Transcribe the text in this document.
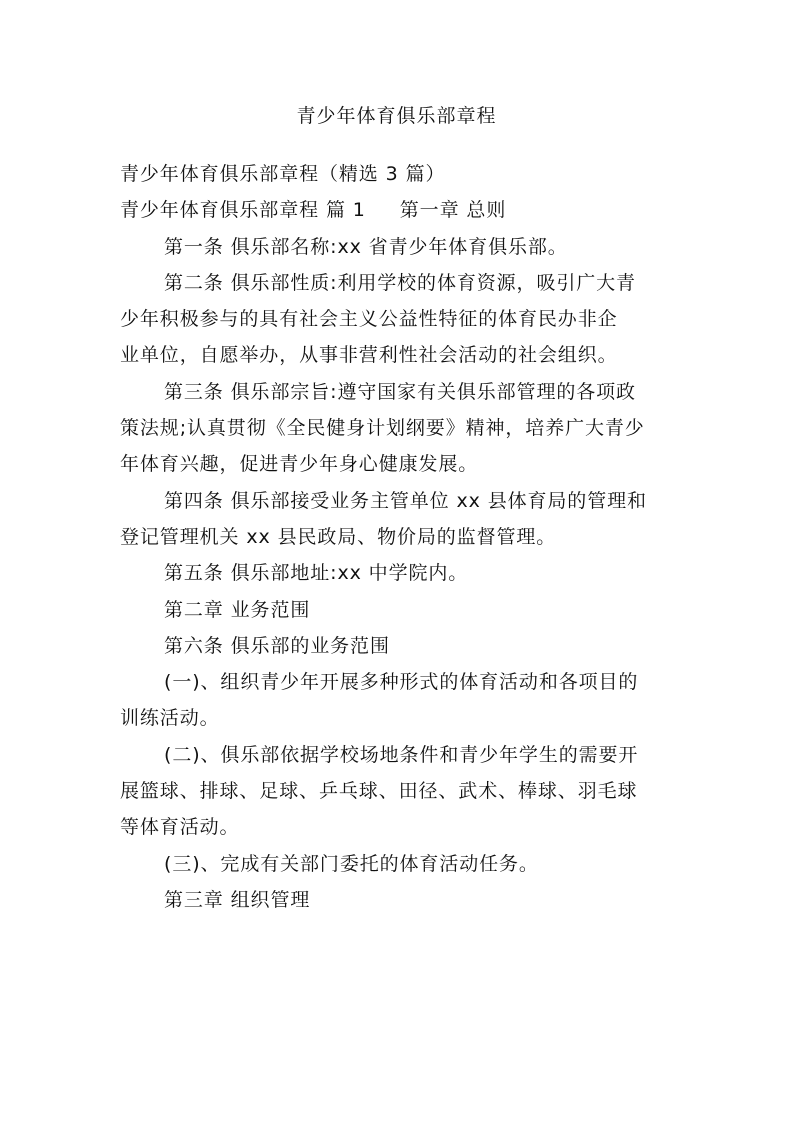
青少年体育俱乐部章程

青少年体育俱乐部章程（精选 3 篇）

青少年体育俱乐部章程 篇 1 第一章 总则

第一条 俱乐部名称:xx 省青少年体育俱乐部。

第二条 俱乐部性质:利用学校的体育资源，吸引广大青

少年积极参与的具有社会主义公益性特征的体育民办非企

业单位，自愿举办，从事非营利性社会活动的社会组织。

第三条 俱乐部宗旨:遵守国家有关俱乐部管理的各项政

策法规;认真贯彻《全民健身计划纲要》精神，培养广大青少

年体育兴趣，促进青少年身心健康发展。

第四条 俱乐部接受业务主管单位 xx 县体育局的管理和

登记管理机关 xx 县民政局、物价局的监督管理。

第五条 俱乐部地址:xx 中学院内。

第二章 业务范围

第六条 俱乐部的业务范围

(一)、组织青少年开展多种形式的体育活动和各项目的

训练活动。

(二)、俱乐部依据学校场地条件和青少年学生的需要开

展篮球、排球、足球、乒乓球、田径、武术、棒球、羽毛球

等体育活动。

(三)、完成有关部门委托的体育活动任务。

第三章 组织管理
